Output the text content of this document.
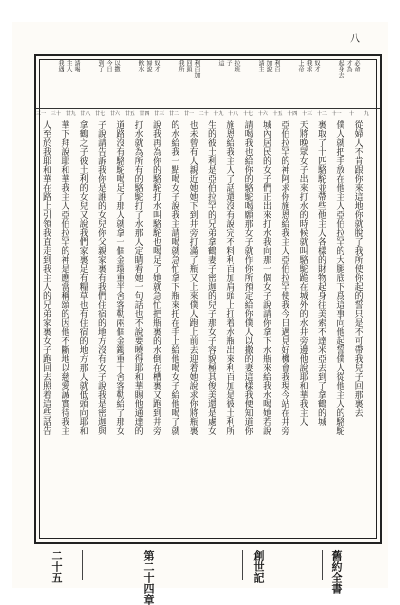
八
必命
才為
起身去
奴才
我求
上帝
利百
加說
請主
拉班
子
這
利百加
回頭
我所
奴才
婦說
飲水
以撒
今日
到了
請喝
主人
我遇
九
十
十一
十二
十三
十四
十五
十六
十七
十八
十九
二十
廿一
廿二
廿三
廿四
廿五
廿六
廿七
廿八
廿九
三十
三一
從婦人不肯跟你來這地你就脫了我所使你起的誓只是不可帶我兒子回那裏去
僕人就把手放在他主人亞伯拉罕的大腿底下爲這事向他起誓僕人從他主人的駱駝
裏取了十匹駱駝並帶些他主人各樣的財物起身往美索不達米亞去到了拿鶴的城
天將晚眾女子出來打水的時候就叫駱駝跪在城外的水井旁邊他說耶和華我主人
亞伯拉罕的神阿求你施恩給我主人亞伯拉罕使我今日遇見好機會我現今站在井旁
城內居民的女子們正出來打水我向那一個女子說請你拿下水瓶來給我水喝她若說
請喝我也給你的駱駝喝願那女子就作你所預定給你僕人以撒的妻這樣我便知道你
施恩給我主人了話還沒有說完不料利百加肩頭上扛着水瓶出來利百加是彼土利所
生的彼土利是亞伯拉罕的兄弟拿鶴妻子密迦的兒子那女子容貌極其俊美還是處女
也未曾有人親近她她下到井旁打滿了瓶又上來僕人跑上前去迎着她說求你將瓶裏
的水給我一點喝女子說我主請喝就急忙拿下瓶來托在手上給他喝女子給他喝了就
說我再為你的駱駝打水叫駱駝也喝足了她就急忙把瓶裏的水倒在槽裏又跑到井旁
打水就為所有的駱駝打了水那人定睛看她一句話也不說要曉得耶和華賜他通達的
道路沒有駱駝喝足了那人就拿一個金環重半舍客勒兩個金鐲重十舍客勒給了那女
子說請告訴我你是誰的女兒你父親家裏有我們住宿的地方沒有女子說我是密迦與
拿鶴之子彼土利的女兒又說我們家裏足有糧草也有住宿的地方那人就低頭向耶和
華下拜說耶和華我主人亞伯拉罕的神是應當稱頌的因他不斷地以慈愛誠實待我主
人至於我耶和華在路上引領我直走到我主人的兄弟家裏女子跑回去照着這些話告
舊約全書
創世記
第二十四章
二十五
